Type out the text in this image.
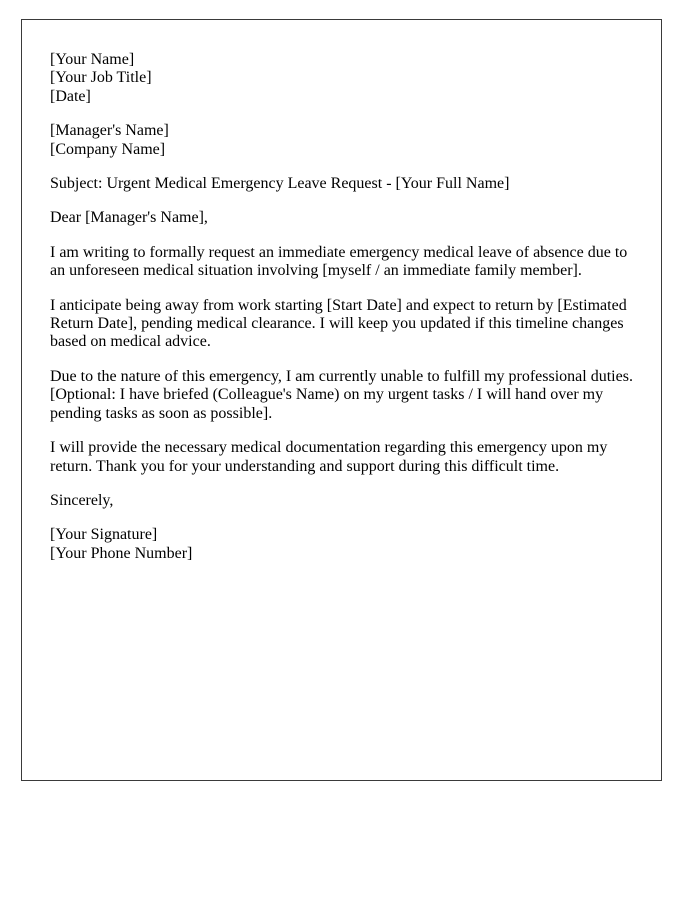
[Your Name]
[Your Job Title]
[Date]
[Manager's Name]
[Company Name]
Subject: Urgent Medical Emergency Leave Request - [Your Full Name]
Dear [Manager's Name],
I am writing to formally request an immediate emergency medical leave of absence due to an unforeseen medical situation involving [myself / an immediate family member].
I anticipate being away from work starting [Start Date] and expect to return by [Estimated Return Date], pending medical clearance. I will keep you updated if this timeline changes based on medical advice.
Due to the nature of this emergency, I am currently unable to fulfill my professional duties. [Optional: I have briefed (Colleague's Name) on my urgent tasks / I will hand over my pending tasks as soon as possible].
I will provide the necessary medical documentation regarding this emergency upon my return. Thank you for your understanding and support during this difficult time.
Sincerely,
[Your Signature]
[Your Phone Number]
